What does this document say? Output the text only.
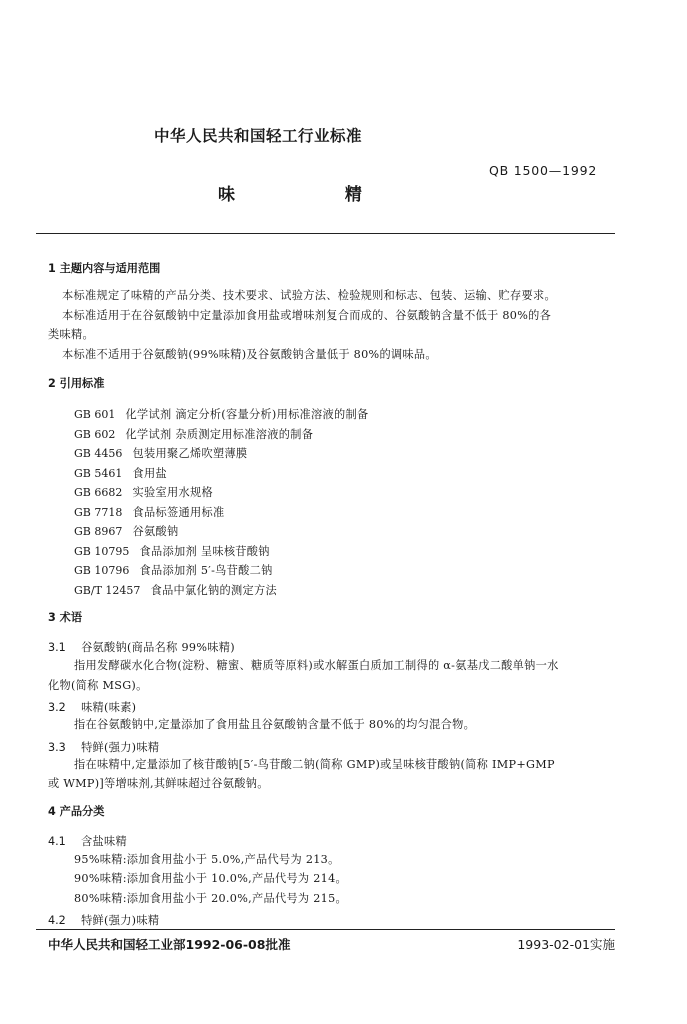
中华人民共和国轻工行业标准
QB 1500—1992
味 精
1 主题内容与适用范围
本标准规定了味精的产品分类、技术要求、试验方法、检验规则和标志、包装、运输、贮存要求。
本标准适用于在谷氨酸钠中定量添加食用盐或增味剂复合而成的、谷氨酸钠含量不低于 80%的各
类味精。
本标准不适用于谷氨酸钠(99%味精)及谷氨酸钠含量低于 80%的调味品。
2 引用标准
GB 601 化学试剂 滴定分析(容量分析)用标准溶液的制备
GB 602 化学试剂 杂质测定用标准溶液的制备
GB 4456 包装用聚乙烯吹塑薄膜
GB 5461 食用盐
GB 6682 实验室用水规格
GB 7718 食品标签通用标准
GB 8967 谷氨酸钠
GB 10795 食品添加剂 呈味核苷酸钠
GB 10796 食品添加剂 5′-鸟苷酸二钠
GB/T 12457 食品中氯化钠的测定方法
3 术语
3.1 谷氨酸钠(商品名称 99%味精)
指用发酵碳水化合物(淀粉、糖蜜、糖质等原料)或水解蛋白质加工制得的 α-氨基戊二酸单钠一水
化物(简称 MSG)。
3.2 味精(味素)
指在谷氨酸钠中,定量添加了食用盐且谷氨酸钠含量不低于 80%的均匀混合物。
3.3 特鲜(强力)味精
指在味精中,定量添加了核苷酸钠[5′-鸟苷酸二钠(简称 GMP)或呈味核苷酸钠(简称 IMP+GMP
或 WMP)]等增味剂,其鲜味超过谷氨酸钠。
4 产品分类
4.1 含盐味精
95%味精:添加食用盐小于 5.0%,产品代号为 213。
90%味精:添加食用盐小于 10.0%,产品代号为 214。
80%味精:添加食用盐小于 20.0%,产品代号为 215。
4.2 特鲜(强力)味精
中华人民共和国轻工业部1992-06-08批准	1993-02-01实施
